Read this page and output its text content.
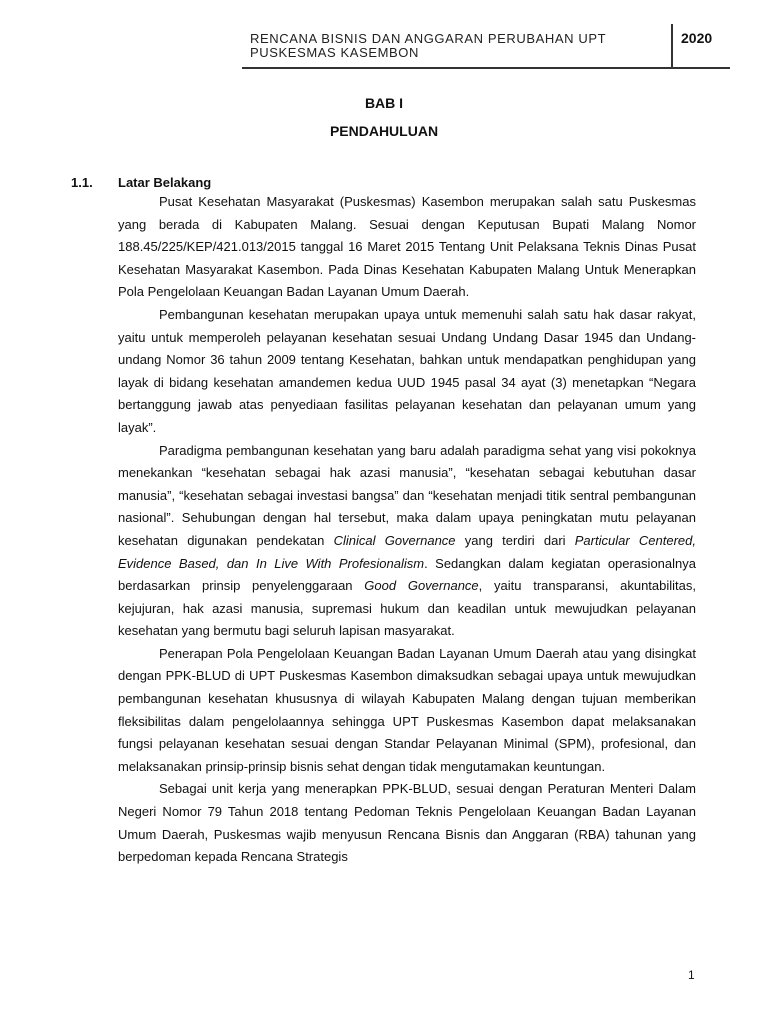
RENCANA BISNIS DAN ANGGARAN PERUBAHAN UPT PUSKESMAS KASEMBON
2020
BAB I
PENDAHULUAN
1.1. Latar Belakang

Pusat Kesehatan Masyarakat (Puskesmas) Kasembon merupakan salah satu Puskesmas yang berada di Kabupaten Malang. Sesuai dengan Keputusan Bupati Malang Nomor 188.45/225/KEP/421.013/2015 tanggal 16 Maret 2015 Tentang Unit Pelaksana Teknis Dinas Pusat Kesehatan Masyarakat Kasembon. Pada Dinas Kesehatan Kabupaten Malang Untuk Menerapkan Pola Pengelolaan Keuangan Badan Layanan Umum Daerah.

Pembangunan kesehatan merupakan upaya untuk memenuhi salah satu hak dasar rakyat, yaitu untuk memperoleh pelayanan kesehatan sesuai Undang Undang Dasar 1945 dan Undang-undang Nomor 36 tahun 2009 tentang Kesehatan, bahkan untuk mendapatkan penghidupan yang layak di bidang kesehatan amandemen kedua UUD 1945 pasal 34 ayat (3) menetapkan “Negara bertanggung jawab atas penyediaan fasilitas pelayanan kesehatan dan pelayanan umum yang layak”.

Paradigma pembangunan kesehatan yang baru adalah paradigma sehat yang visi pokoknya menekankan “kesehatan sebagai hak azasi manusia”, “kesehatan sebagai kebutuhan dasar manusia”, “kesehatan sebagai investasi bangsa” dan “kesehatan menjadi titik sentral pembangunan nasional”. Sehubungan dengan hal tersebut, maka dalam upaya peningkatan mutu pelayanan kesehatan digunakan pendekatan Clinical Governance yang terdiri dari Particular Centered, Evidence Based, dan In Live With Profesionalism. Sedangkan dalam kegiatan operasionalnya berdasarkan prinsip penyelenggaraan Good Governance, yaitu transparansi, akuntabilitas, kejujuran, hak azasi manusia, supremasi hukum dan keadilan untuk mewujudkan pelayanan kesehatan yang bermutu bagi seluruh lapisan masyarakat.

Penerapan Pola Pengelolaan Keuangan Badan Layanan Umum Daerah atau yang disingkat dengan PPK-BLUD di UPT Puskesmas Kasembon dimaksudkan sebagai upaya untuk mewujudkan pembangunan kesehatan khususnya di wilayah Kabupaten Malang dengan tujuan memberikan fleksibilitas dalam pengelolaannya sehingga UPT Puskesmas Kasembon dapat melaksanakan fungsi pelayanan kesehatan sesuai dengan Standar Pelayanan Minimal (SPM), profesional, dan melaksanakan prinsip-prinsip bisnis sehat dengan tidak mengutamakan keuntungan.

Sebagai unit kerja yang menerapkan PPK-BLUD, sesuai dengan Peraturan Menteri Dalam Negeri Nomor 79 Tahun 2018 tentang Pedoman Teknis Pengelolaan Keuangan Badan Layanan Umum Daerah, Puskesmas wajib menyusun Rencana Bisnis dan Anggaran (RBA) tahunan yang berpedoman kepada Rencana Strategis

1
